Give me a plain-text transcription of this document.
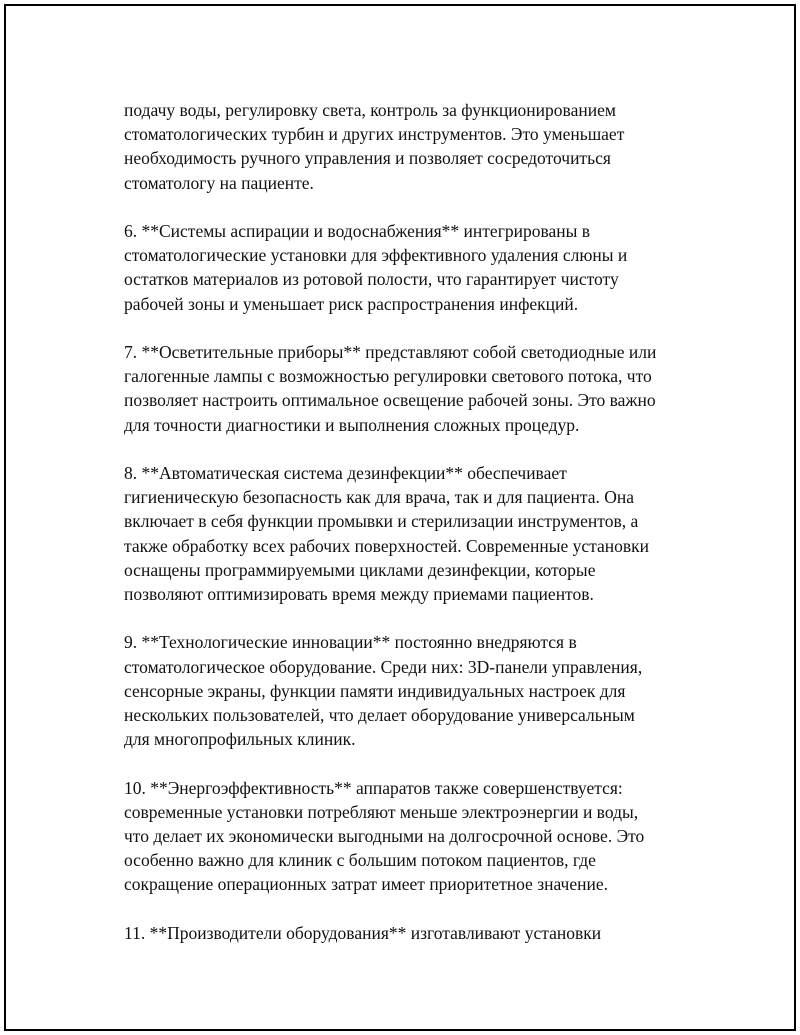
подачу воды, регулировку света, контроль за функционированием
стоматологических турбин и других инструментов. Это уменьшает
необходимость ручного управления и позволяет сосредоточиться
стоматологу на пациенте.

6. **Системы аспирации и водоснабжения** интегрированы в
стоматологические установки для эффективного удаления слюны и
остатков материалов из ротовой полости, что гарантирует чистоту
рабочей зоны и уменьшает риск распространения инфекций.

7. **Осветительные приборы** представляют собой светодиодные или
галогенные лампы с возможностью регулировки светового потока, что
позволяет настроить оптимальное освещение рабочей зоны. Это важно
для точности диагностики и выполнения сложных процедур.

8. **Автоматическая система дезинфекции** обеспечивает
гигиеническую безопасность как для врача, так и для пациента. Она
включает в себя функции промывки и стерилизации инструментов, а
также обработку всех рабочих поверхностей. Современные установки
оснащены программируемыми циклами дезинфекции, которые
позволяют оптимизировать время между приемами пациентов.

9. **Технологические инновации** постоянно внедряются в
стоматологическое оборудование. Среди них: 3D-панели управления,
сенсорные экраны, функции памяти индивидуальных настроек для
нескольких пользователей, что делает оборудование универсальным
для многопрофильных клиник.

10. **Энергоэффективность** аппаратов также совершенствуется:
современные установки потребляют меньше электроэнергии и воды,
что делает их экономически выгодными на долгосрочной основе. Это
особенно важно для клиник с большим потоком пациентов, где
сокращение операционных затрат имеет приоритетное значение.

11. **Производители оборудования** изготавливают установки
